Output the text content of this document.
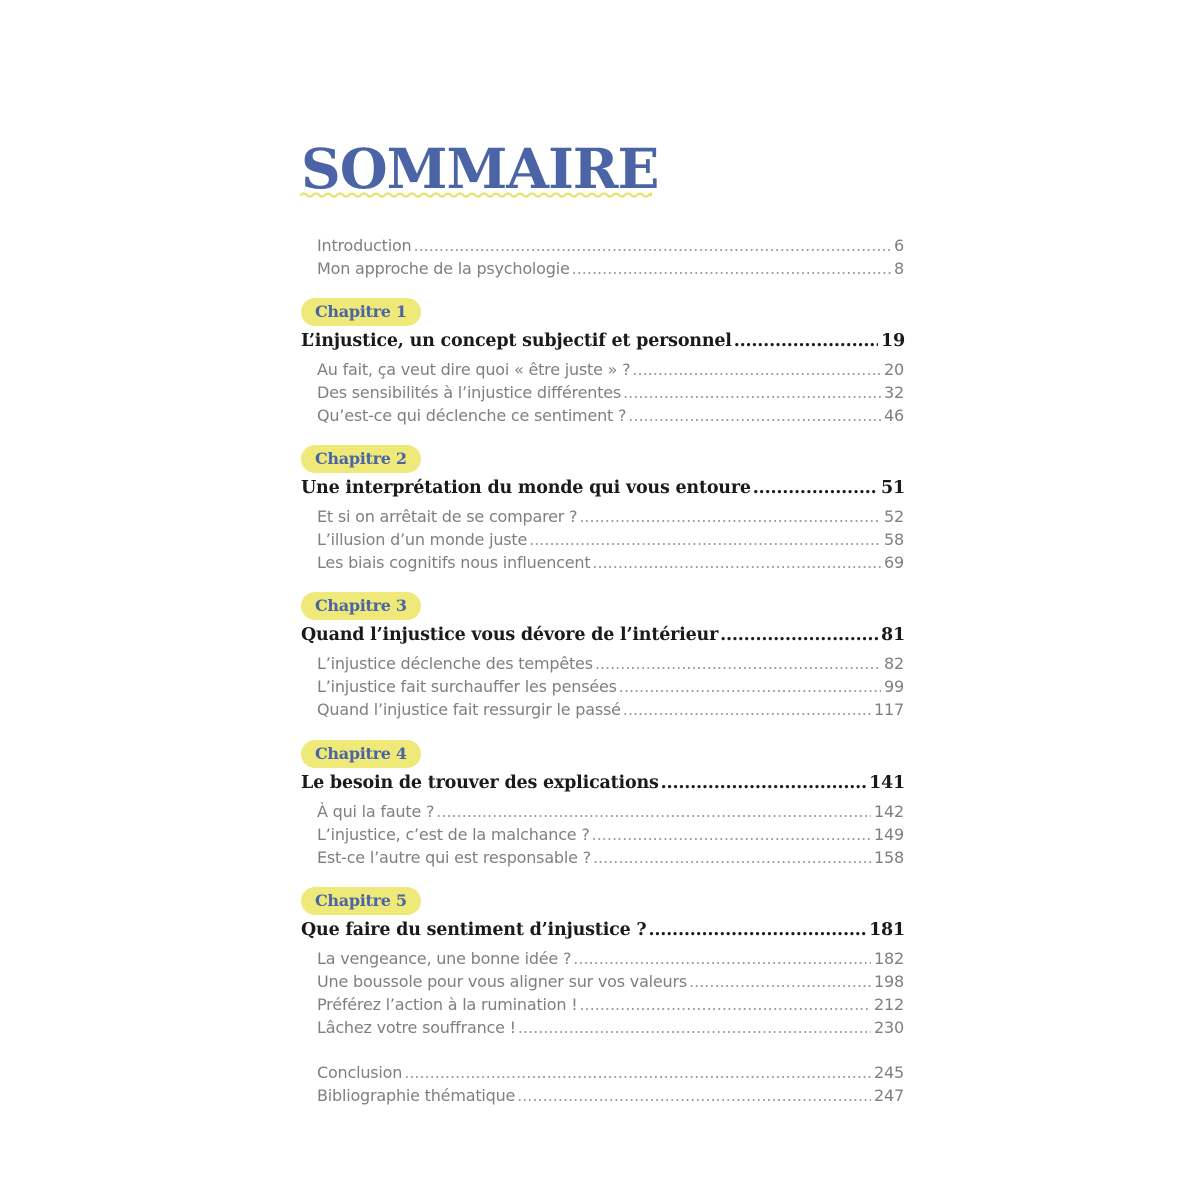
SOMMAIRE
Introduction .....	6
Mon approche de la psychologie .....	8
Chapitre 1
L’injustice, un concept subjectif et personnel .....	19
Au fait, ça veut dire quoi « être juste » ? .....	20
Des sensibilités à l’injustice différentes .....	32
Qu’est-ce qui déclenche ce sentiment ? .....	46
Chapitre 2
Une interprétation du monde qui vous entoure .....	51
Et si on arrêtait de se comparer ? .....	52
L’illusion d’un monde juste .....	58
Les biais cognitifs nous influencent .....	69
Chapitre 3
Quand l’injustice vous dévore de l’intérieur .....	81
L’injustice déclenche des tempêtes .....	82
L’injustice fait surchauffer les pensées .....	99
Quand l’injustice fait ressurgir le passé .....	117
Chapitre 4
Le besoin de trouver des explications .....	141
À qui la faute ? .....	142
L’injustice, c’est de la malchance ? .....	149
Est-ce l’autre qui est responsable ? .....	158
Chapitre 5
Que faire du sentiment d’injustice ? .....	181
La vengeance, une bonne idée ? .....	182
Une boussole pour vous aligner sur vos valeurs .....	198
Préférez l’action à la rumination ! .....	212
Lâchez votre souffrance ! .....	230
Conclusion .....	245
Bibliographie thématique .....	247
